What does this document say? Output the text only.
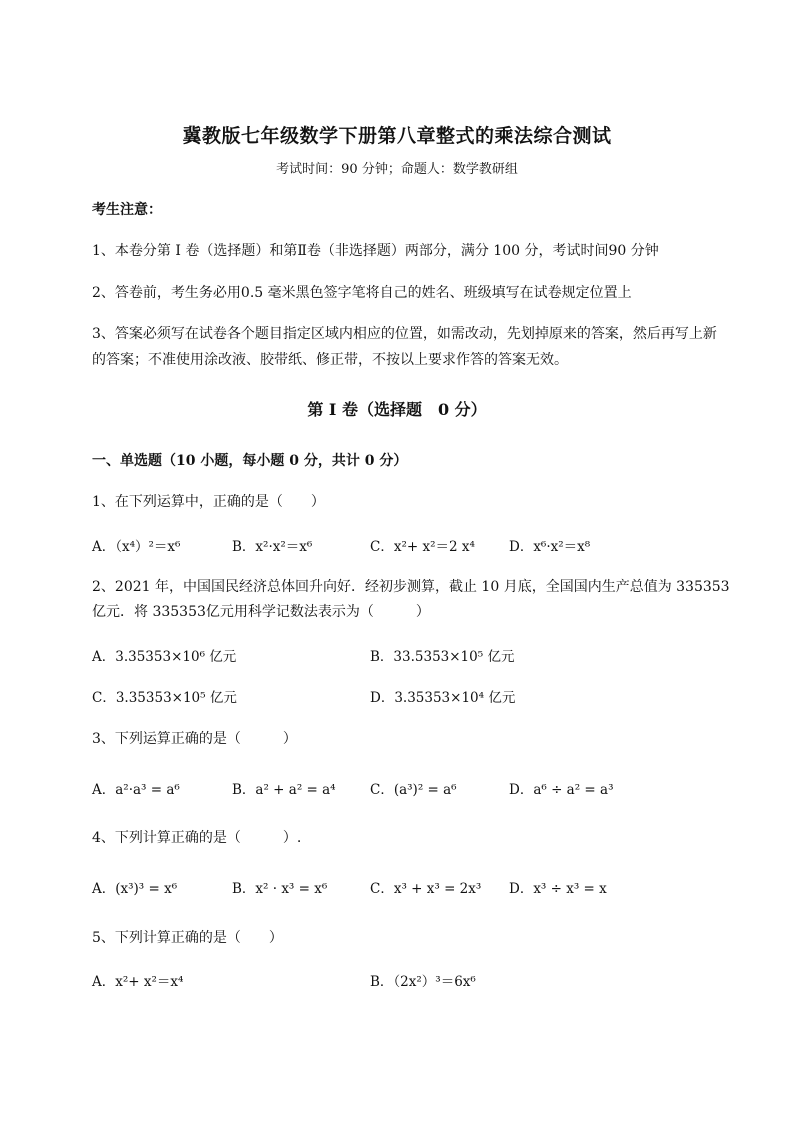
冀教版七年级数学下册第八章整式的乘法综合测试
考试时间：90 分钟；命题人：数学教研组
考生注意：
1、本卷分第 I 卷（选择题）和第Ⅱ卷（非选择题）两部分，满分 100 分，考试时间90 分钟
2、答卷前，考生务必用0.5 毫米黑色签字笔将自己的姓名、班级填写在试卷规定位置上
3、答案必须写在试卷各个题目指定区域内相应的位置，如需改动，先划掉原来的答案，然后再写上新
的答案；不准使用涂改液、胶带纸、修正带，不按以上要求作答的答案无效。
第 I 卷（选择题　0 分）
一、单选题（10 小题，每小题 0 分，共计 0 分）
1、在下列运算中，正确的是（　　）
A．（x⁴）²＝x⁶	B．x²·x²＝x⁶	C．x²+ x²＝2 x⁴	D．x⁶·x²＝x⁸
2、2021 年，中国国民经济总体回升向好．经初步测算，截止 10 月底，全国国内生产总值为 335353
亿元．将 335353亿元用科学记数法表示为（　　　）
A．3.35353×10⁶ 亿元	B．33.5353×10⁵ 亿元
C．3.35353×10⁵ 亿元	D．3.35353×10⁴ 亿元
3、下列运算正确的是（　　　）
A．a²·a³ = a⁶	B．a² + a² = a⁴	C．(a³)² = a⁶	D．a⁶ ÷ a² = a³
4、下列计算正确的是（　　　）.
A．(x³)³ = x⁶	B．x² · x³ = x⁶	C．x³ + x³ = 2x³ D．x³ ÷ x³ = x
5、下列计算正确的是（　　）
A．x²+ x²＝x⁴	B．（2x²）³＝6x⁶
